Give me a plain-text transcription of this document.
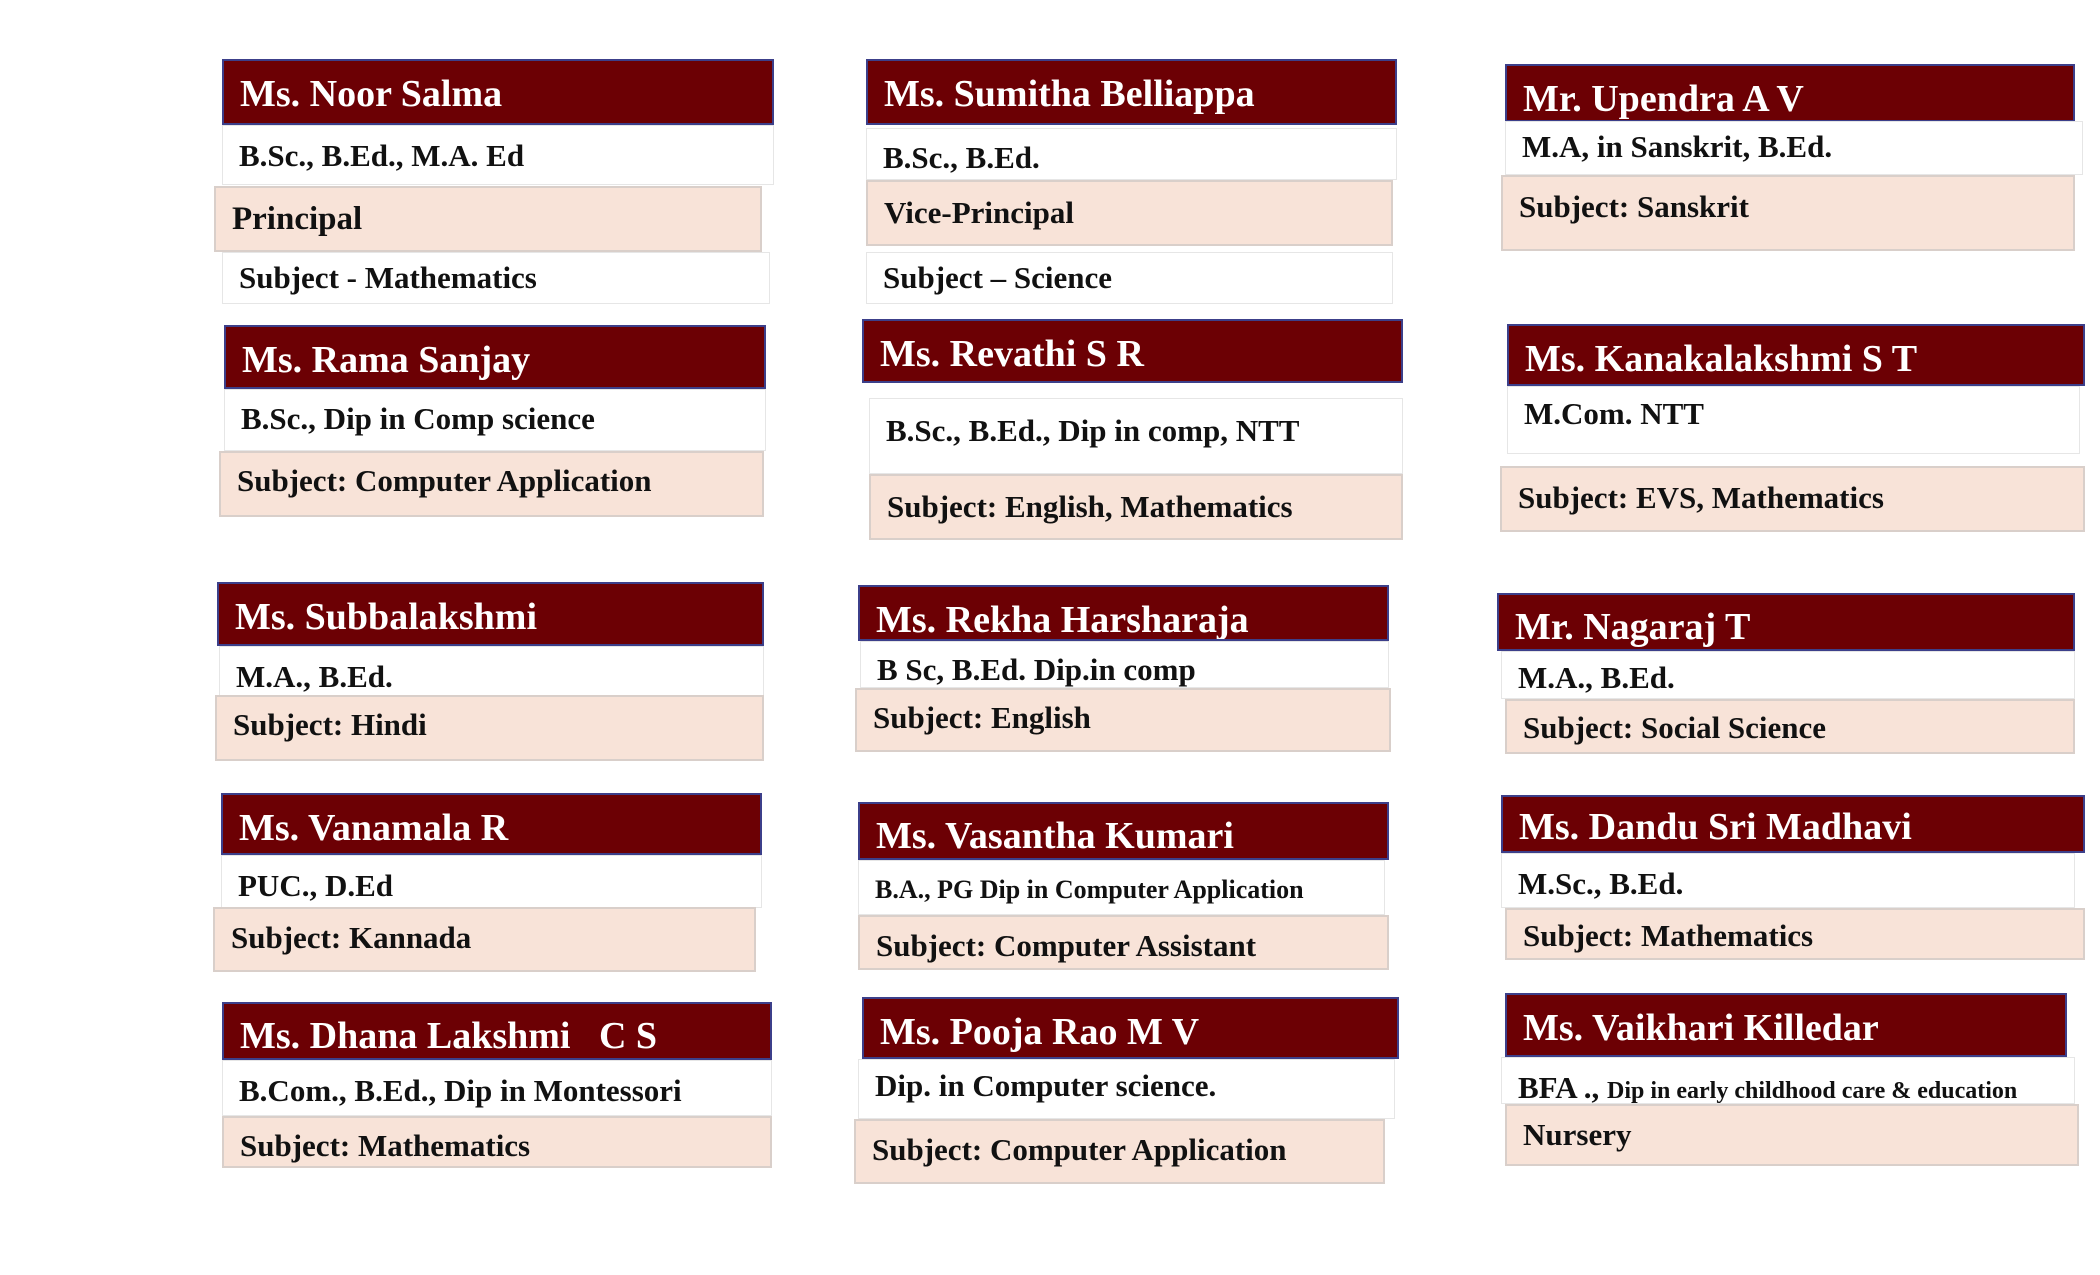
Ms. Noor Salma
B.Sc., B.Ed., M.A. Ed
Principal
Subject - Mathematics
Ms. Sumitha Belliappa
B.Sc., B.Ed.
Vice-Principal
Subject – Science
Mr. Upendra A V
M.A, in Sanskrit, B.Ed.
Subject: Sanskrit
Ms. Rama Sanjay
B.Sc., Dip in Comp science
Subject: Computer Application
Ms. Revathi S R
B.Sc., B.Ed., Dip in comp, NTT
Subject: English, Mathematics
Ms. Kanakalakshmi S T
M.Com. NTT
Subject: EVS, Mathematics
Ms. Subbalakshmi
M.A., B.Ed.
Subject: Hindi
Ms. Rekha Harsharaja
B Sc, B.Ed. Dip.in comp
Subject: English
Mr. Nagaraj T
M.A., B.Ed.
Subject: Social Science
Ms. Vanamala R
PUC., D.Ed
Subject: Kannada
Ms. Vasantha Kumari
B.A., PG Dip in Computer Application
Subject: Computer Assistant
Ms. Dandu Sri Madhavi
M.Sc., B.Ed.
Subject: Mathematics
Ms. Dhana Lakshmi   C S
B.Com., B.Ed., Dip in Montessori
Subject: Mathematics
Ms. Pooja Rao M V
Dip. in Computer science.
Subject: Computer Application
Ms. Vaikhari Killedar
BFA ., Dip in early childhood care & education
Nursery
